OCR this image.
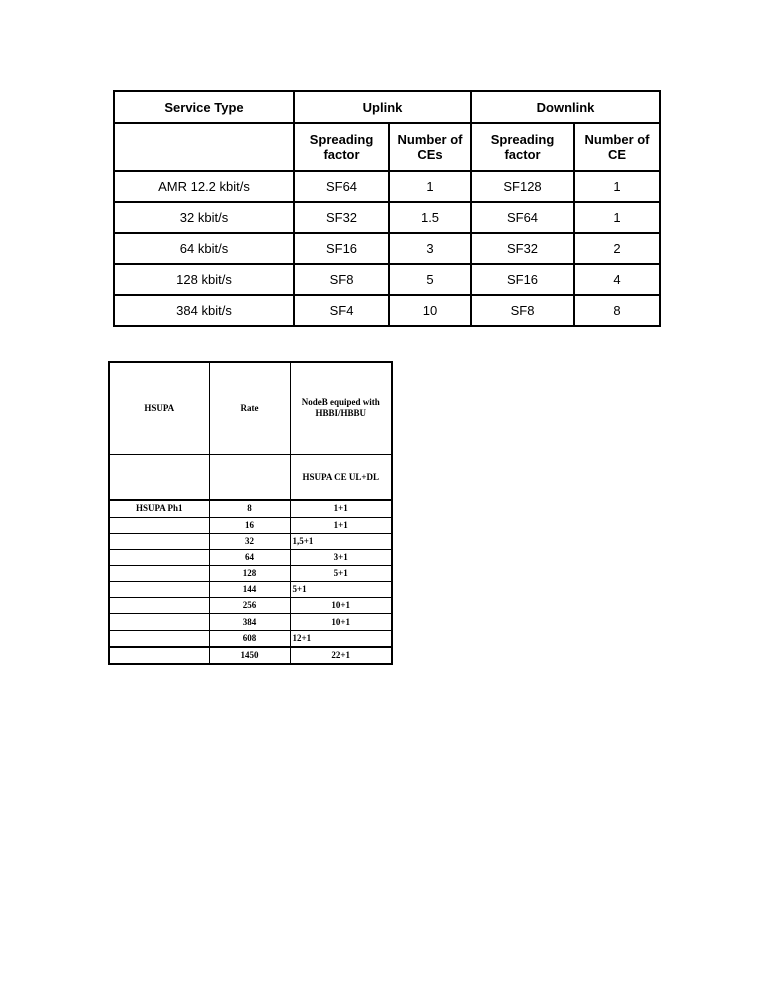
Service Type	Uplink		Downlink	
	Spreading factor	Number of CEs	Spreading factor	Number of CE
AMR 12.2 kbit/s	SF64	1	SF128	1
32 kbit/s	SF32	1.5	SF64	1
64 kbit/s	SF16	3	SF32	2
128 kbit/s	SF8	5	SF16	4
384 kbit/s	SF4	10	SF8	8
HSUPA	Rate	NodeB equiped with HBBI/HBBU
		HSUPA CE UL+DL
HSUPA Ph1	8	1+1
	16	1+1
	32	1,5+1
	64	3+1
	128	5+1
	144	5+1
	256	10+1
	384	10+1
	608	12+1
	1450	22+1
